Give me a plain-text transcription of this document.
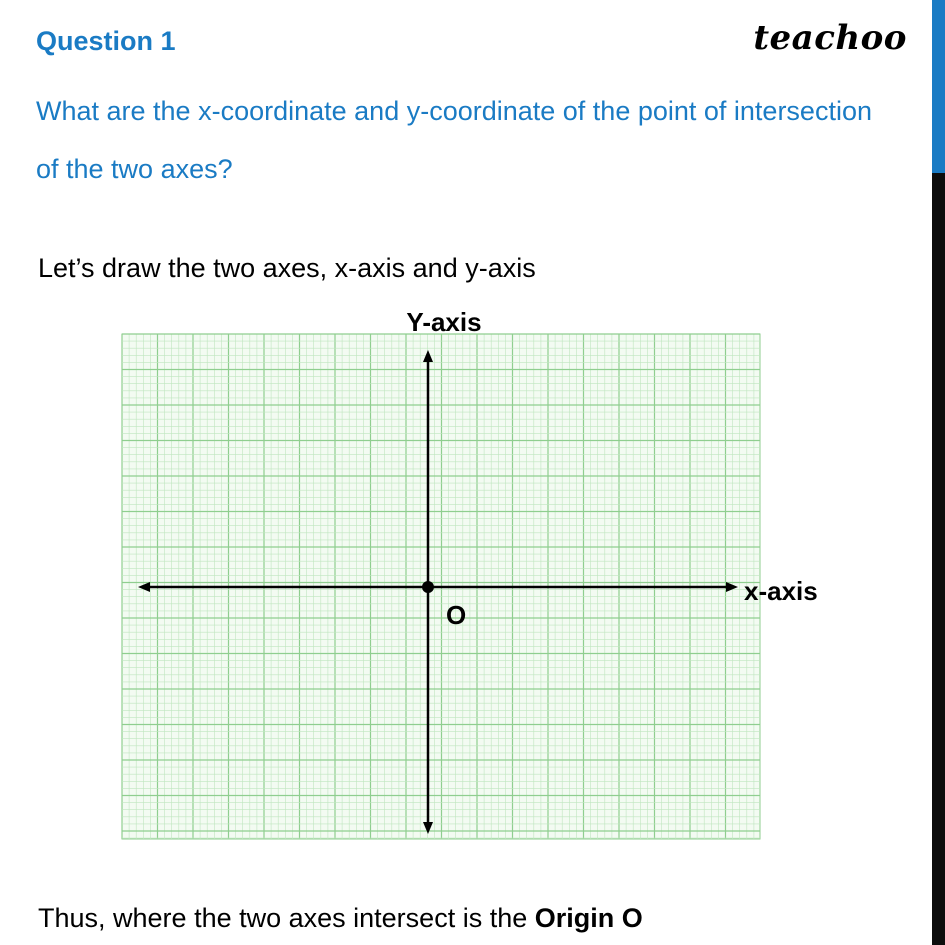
Question 1	teachoo
What are the x-coordinate and y-coordinate of the point of intersection of the two axes?
Let’s draw the two axes, x-axis and y-axis
Y-axis
x-axis
O
Thus, where the two axes intersect is the Origin O
